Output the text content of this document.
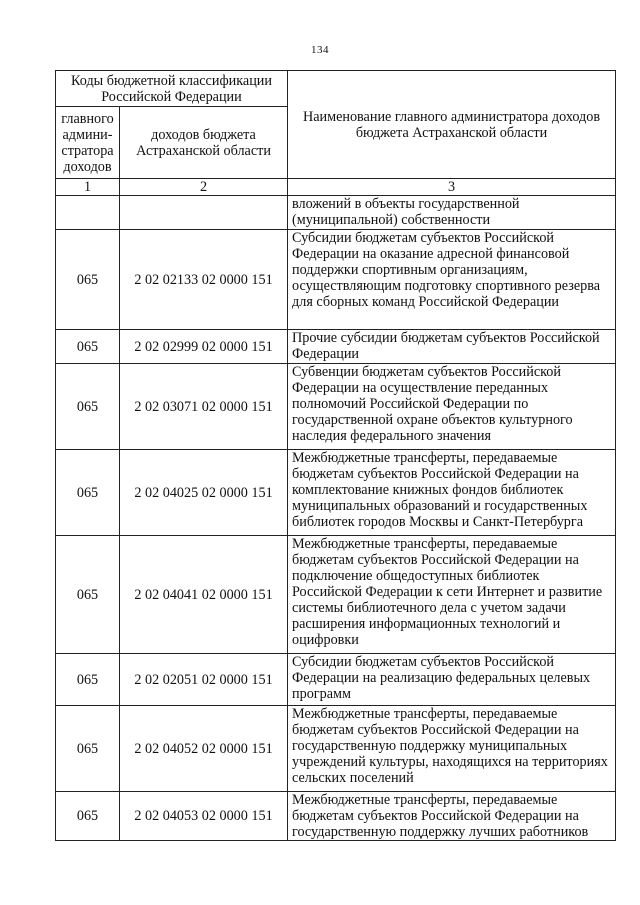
134
Коды бюджетной классификации Российской Федерации		Наименование главного администратора доходов бюджета Астраханской области
главного админи-стратора доходов	доходов бюджета Астраханской области	
1	2	3
		вложений в объекты государственной (муниципальной) собственности
065	2 02 02133 02 0000 151	Субсидии бюджетам субъектов Российской Федерации на оказание адресной финансовой поддержки спортивным организациям, осуществляющим подготовку спортивного резерва для сборных команд Российской Федерации
065	2 02 02999 02 0000 151	Прочие субсидии бюджетам субъектов Российской Федерации
065	2 02 03071 02 0000 151	Субвенции бюджетам субъектов Российской Федерации на осуществление переданных полномочий Российской Федерации по государственной охране объектов культурного наследия федерального значения
065	2 02 04025 02 0000 151	Межбюджетные трансферты, передаваемые бюджетам субъектов Российской Федерации на комплектование книжных фондов библиотек муниципальных образований и государственных библиотек городов Москвы и Санкт-Петербурга
065	2 02 04041 02 0000 151	Межбюджетные трансферты, передаваемые бюджетам субъектов Российской Федерации на подключение общедоступных библиотек Российской Федерации к сети Интернет и развитие системы библиотечного дела с учетом задачи расширения информационных технологий и оцифровки
065	2 02 02051 02 0000 151	Субсидии бюджетам субъектов Российской Федерации на реализацию федеральных целевых программ
065	2 02 04052 02 0000 151	Межбюджетные трансферты, передаваемые бюджетам субъектов Российской Федерации на государственную поддержку муниципальных учреждений культуры, находящихся на территориях сельских поселений
065	2 02 04053 02 0000 151	Межбюджетные трансферты, передаваемые бюджетам субъектов Российской Федерации на государственную поддержку лучших работников
